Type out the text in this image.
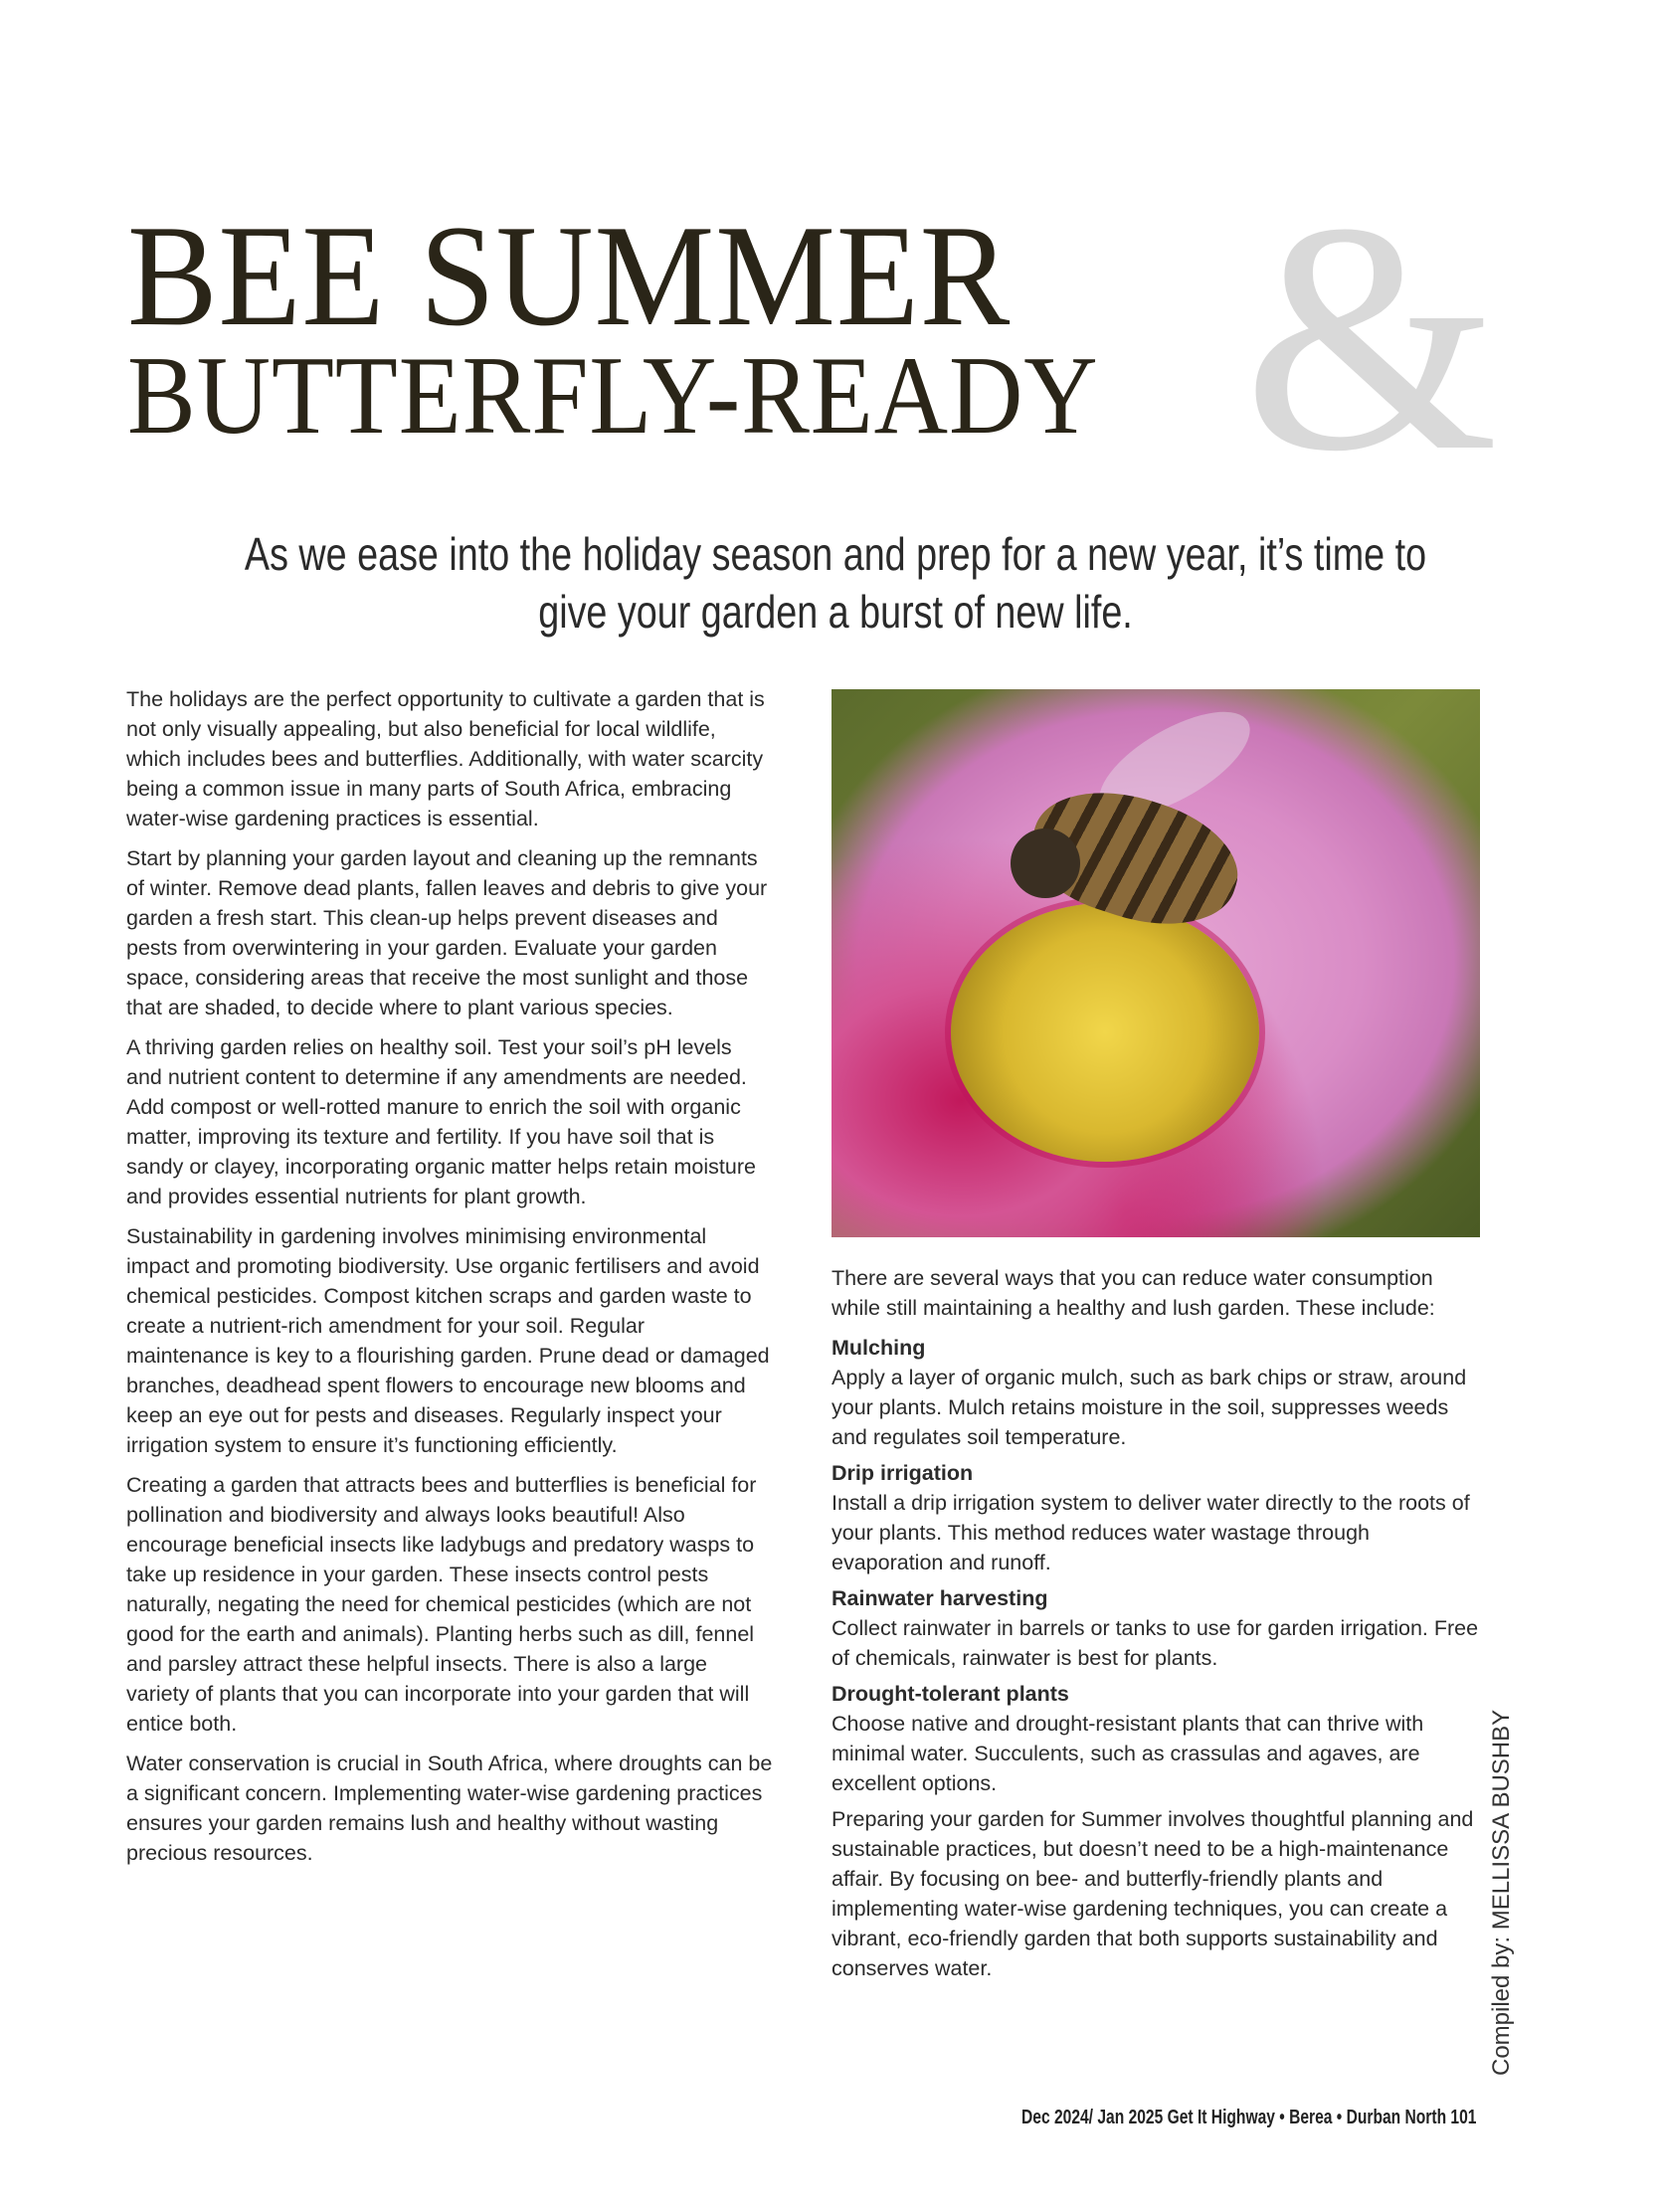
&
BEE SUMMER
BUTTERFLY-READY
As we ease into the holiday season and prep for a new year, it’s time to give your garden a burst of new life.

The holidays are the perfect opportunity to cultivate a garden that is not only visually appealing, but also beneficial for local wildlife, which includes bees and butterflies. Additionally, with water scarcity being a common issue in many parts of South Africa, embracing water-wise gardening practices is essential.

Start by planning your garden layout and cleaning up the remnants of winter. Remove dead plants, fallen leaves and debris to give your garden a fresh start. This clean-up helps prevent diseases and pests from overwintering in your garden. Evaluate your garden space, considering areas that receive the most sunlight and those that are shaded, to decide where to plant various species.

A thriving garden relies on healthy soil. Test your soil’s pH levels and nutrient content to determine if any amendments are needed. Add compost or well-rotted manure to enrich the soil with organic matter, improving its texture and fertility. If you have soil that is sandy or clayey, incorporating organic matter helps retain moisture and provides essential nutrients for plant growth.

Sustainability in gardening involves minimising environmental impact and promoting biodiversity. Use organic fertilisers and avoid chemical pesticides. Compost kitchen scraps and garden waste to create a nutrient-rich amendment for your soil. Regular maintenance is key to a flourishing garden. Prune dead or damaged branches, deadhead spent flowers to encourage new blooms and keep an eye out for pests and diseases. Regularly inspect your irrigation system to ensure it’s functioning efficiently.

Creating a garden that attracts bees and butterflies is beneficial for pollination and biodiversity and always looks beautiful! Also encourage beneficial insects like ladybugs and predatory wasps to take up residence in your garden. These insects control pests naturally, negating the need for chemical pesticides (which are not good for the earth and animals). Planting herbs such as dill, fennel and parsley attract these helpful insects. There is also a large variety of plants that you can incorporate into your garden that will entice both.

Water conservation is crucial in South Africa, where droughts can be a significant concern. Implementing water-wise gardening practices ensures your garden remains lush and healthy without wasting precious resources.

There are several ways that you can reduce water consumption while still maintaining a healthy and lush garden. These include:

Mulching

Apply a layer of organic mulch, such as bark chips or straw, around your plants. Mulch retains moisture in the soil, suppresses weeds and regulates soil temperature.

Drip irrigation

Install a drip irrigation system to deliver water directly to the roots of your plants. This method reduces water wastage through evaporation and runoff.

Rainwater harvesting

Collect rainwater in barrels or tanks to use for garden irrigation. Free of chemicals, rainwater is best for plants.

Drought-tolerant plants

Choose native and drought-resistant plants that can thrive with minimal water. Succulents, such as crassulas and agaves, are excellent options.

Preparing your garden for Summer involves thoughtful planning and sustainable practices, but doesn’t need to be a high-maintenance affair. By focusing on bee- and butterfly-friendly plants and implementing water-wise gardening techniques, you can create a vibrant, eco-friendly garden that both supports sustainability and conserves water.	Compiled by: MELLISSA BUSHBY
Dec 2024/ Jan 2025 Get It Highway • Berea • Durban North 101
